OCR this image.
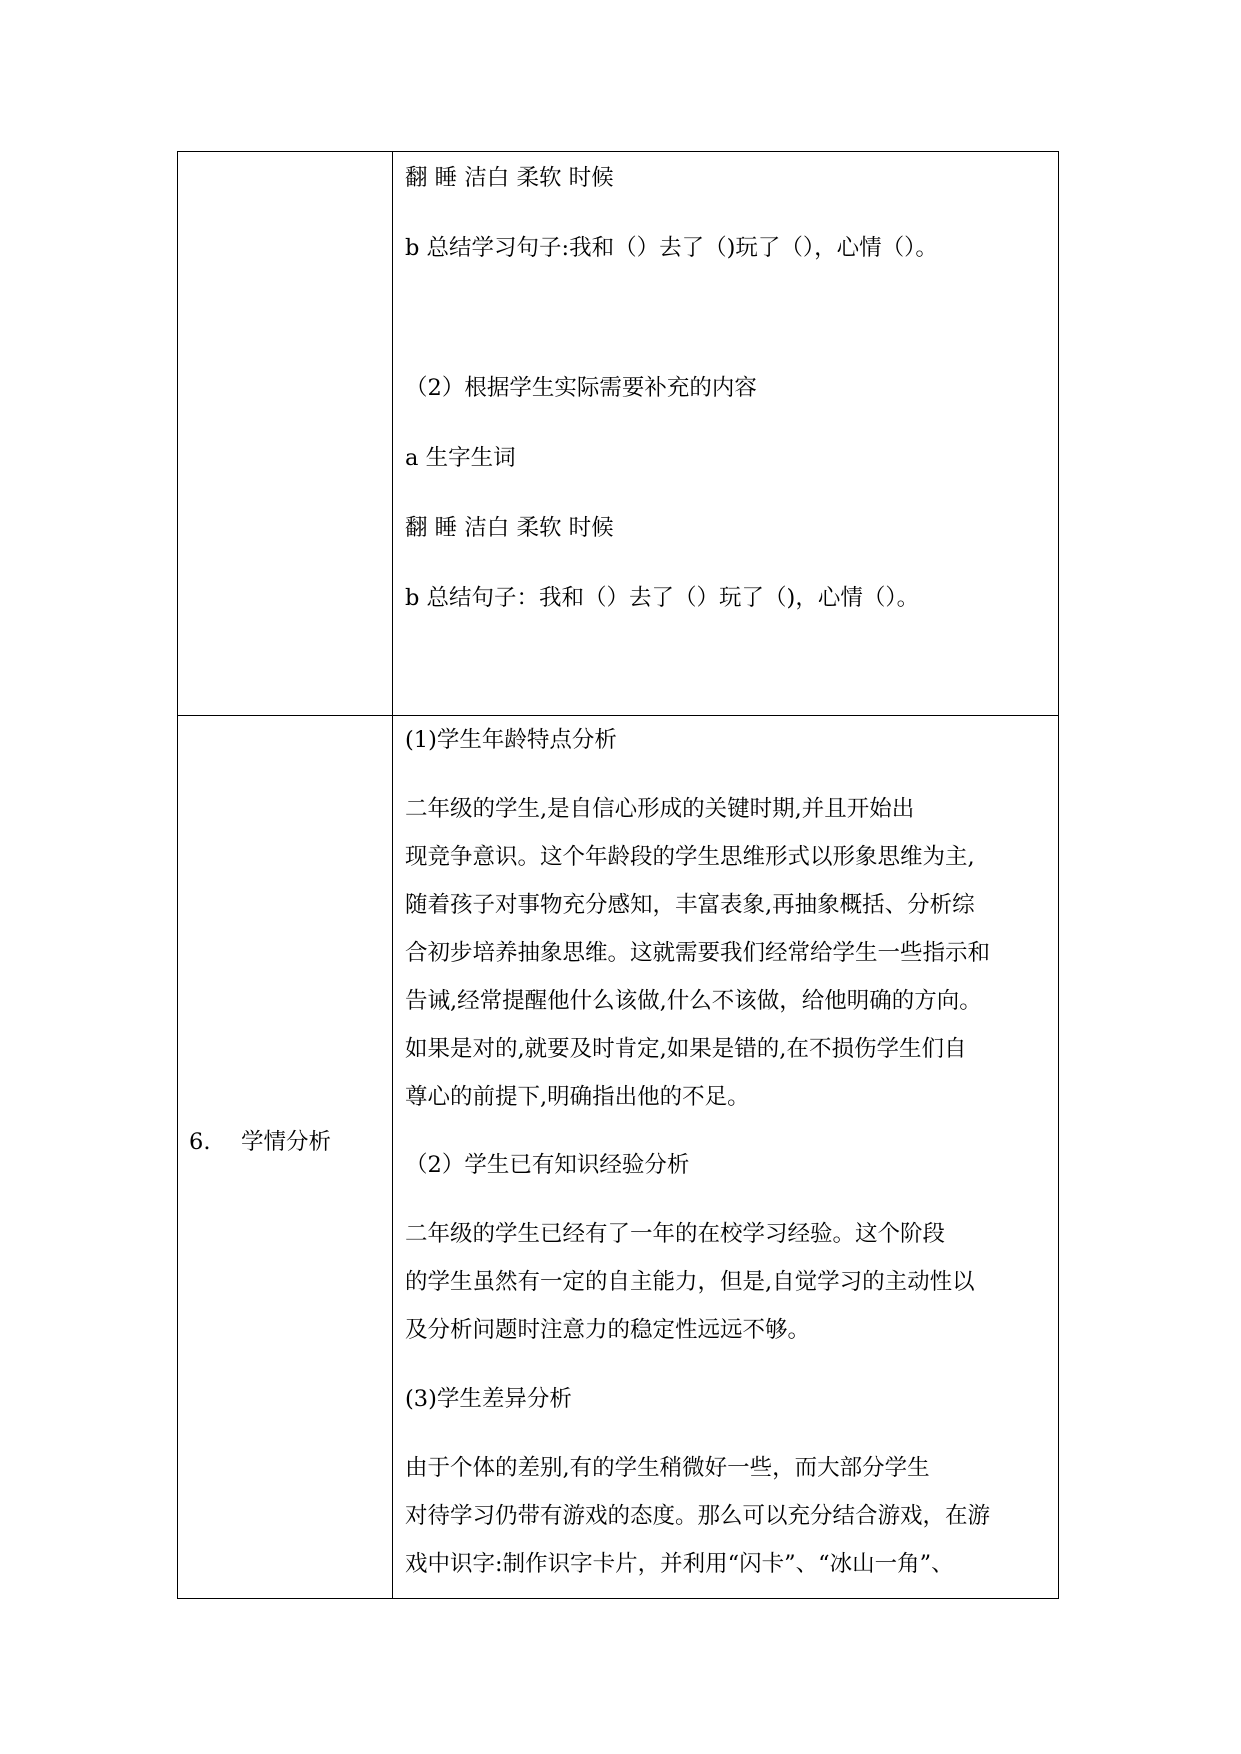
翻 睡 洁白 柔软 时候
b 总结学习句子:我和（）去了（)玩了（），心情（）。
（2）根据学生实际需要补充的内容
a 生字生词
翻 睡 洁白 柔软 时候
b 总结句子：我和（）去了（）玩了（)，心情（）。
(1)学生年龄特点分析
二年级的学生,是自信心形成的关键时期,并且开始出
现竞争意识。这个年龄段的学生思维形式以形象思维为主,
随着孩子对事物充分感知，丰富表象,再抽象概括、分析综
合初步培养抽象思维。这就需要我们经常给学生一些指示和
告诫,经常提醒他什么该做,什么不该做，给他明确的方向。
如果是对的,就要及时肯定,如果是错的,在不损伤学生们自
尊心的前提下,明确指出他的不足。
（2）学生已有知识经验分析
二年级的学生已经有了一年的在校学习经验。这个阶段
的学生虽然有一定的自主能力，但是,自觉学习的主动性以
及分析问题时注意力的稳定性远远不够。
(3)学生差异分析
由于个体的差别,有的学生稍微好一些，而大部分学生
对待学习仍带有游戏的态度。那么可以充分结合游戏，在游
戏中识字:制作识字卡片，并利用“闪卡”、“冰山一角”、
6. 学情分析
